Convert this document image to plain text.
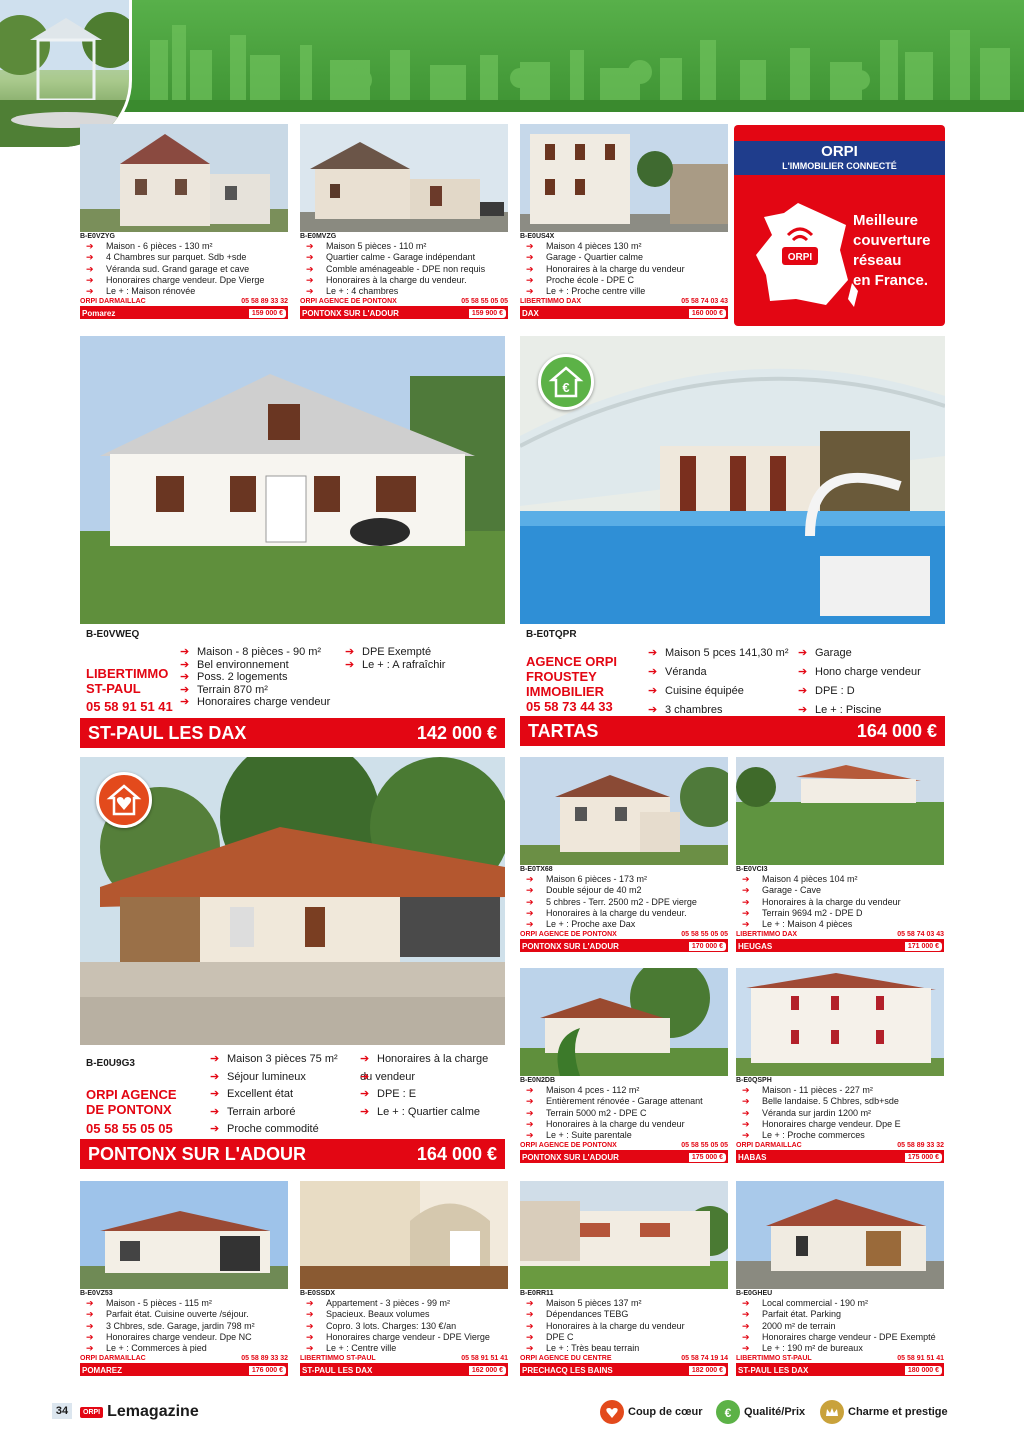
B-E0VZYG
➔ Maison - 6 pièces - 130 m²
➔ 4 Chambres sur parquet. Sdb +sde
➔ Véranda sud. Grand garage et cave
➔ Honoraires charge vendeur. Dpe Vierge
➔ Le + : Maison rénovée
ORPI DARMAILLAC	05 58 89 33 32
Pomarez	159 000 €
B-E0MVZG
➔ Maison 5 pièces - 110 m²
➔ Quartier calme - Garage indépendant
➔ Comble aménageable - DPE non requis
➔ Honoraires à la charge du vendeur.
➔ Le + : 4 chambres
ORPI AGENCE DE PONTONX	05 58 55 05 05
PONTONX SUR L'ADOUR	159 900 €
B-E0US4X
➔ Maison 4 pièces 130 m²
➔ Garage - Quartier calme
➔ Honoraires à la charge du vendeur
➔ Proche école - DPE C
➔ Le + : Proche centre ville
LIBERTIMMO DAX	05 58 74 03 43
DAX	160 000 €
ORPI
L'IMMOBILIER CONNECTÉ
ORPI
Meilleure
couverture
réseau
en France.
B-E0VWEQ
LIBERTIMMO
ST-PAUL
05 58 91 51 41
➔ Maison - 8 pièces - 90 m²
➔ Bel environnement
➔ Poss. 2 logements
➔ Terrain 870 m²
➔ Honoraires charge vendeur
➔ DPE Exempté
➔ Le + : A rafraîchir
ST-PAUL LES DAX	142 000 €
€
B-E0TQPR
AGENCE ORPI
FROUSTEY
IMMOBILIER
05 58 73 44 33
➔ Maison 5 pces 141,30 m²
➔ Véranda
➔ Cuisine équipée
➔ 3 chambres
➔ Garage
➔ Hono charge vendeur
➔ DPE : D
➔ Le + : Piscine
TARTAS	164 000 €
B-E0U9G3
ORPI AGENCE
DE PONTONX
05 58 55 05 05
➔ Maison 3 pièces 75 m²
➔ Séjour lumineux
➔ Excellent état
➔ Terrain arboré
➔ Proche commodité
➔ Honoraires à la charge
➔ du vendeur
➔ DPE : E
➔ Le + : Quartier calme
PONTONX SUR L'ADOUR	164 000 €
B-E0TX68
➔ Maison 6 pièces - 173 m²
➔ Double séjour de 40 m2
➔ 5 chbres - Terr. 2500 m2 - DPE vierge
➔ Honoraires à la charge du vendeur.
➔ Le + : Proche axe Dax
ORPI AGENCE DE PONTONX	05 58 55 05 05
PONTONX SUR L'ADOUR	170 000 €
B-E0VCI3
➔ Maison 4 pièces 104 m²
➔ Garage - Cave
➔ Honoraires à la charge du vendeur
➔ Terrain 9694 m2 - DPE D
➔ Le + : Maison 4 pièces
LIBERTIMMO DAX	05 58 74 03 43
HEUGAS	171 000 €
B-E0N2DB
➔ Maison 4 pces - 112 m²
➔ Entièrement rénovée - Garage attenant
➔ Terrain 5000 m2 - DPE C
➔ Honoraires à la charge du vendeur
➔ Le + : Suite parentale
ORPI AGENCE DE PONTONX	05 58 55 05 05
PONTONX SUR L'ADOUR	175 000 €
B-E0QSPH
➔ Maison - 11 pièces - 227 m²
➔ Belle landaise. 5 Chbres, sdb+sde
➔ Véranda sur jardin 1200 m²
➔ Honoraires charge vendeur. Dpe E
➔ Le + : Proche commerces
ORPI DARMAILLAC	05 58 89 33 32
HABAS	175 000 €
B-E0VZ53
➔ Maison - 5 pièces - 115 m²
➔ Parfait état. Cuisine ouverte /séjour.
➔ 3 Chbres, sde. Garage, jardin 798 m²
➔ Honoraires charge vendeur. Dpe NC
➔ Le + : Commerces à pied
ORPI DARMAILLAC	05 58 89 33 32
POMAREZ	176 000 €
B-E0SSDX
➔ Appartement - 3 pièces - 99 m²
➔ Spacieux. Beaux volumes
➔ Copro. 3 lots. Charges: 130 €/an
➔ Honoraires charge vendeur - DPE Vierge
➔ Le + : Centre ville
LIBERTIMMO ST-PAUL	05 58 91 51 41
ST-PAUL LES DAX	162 000 €
B-E0RR11
➔ Maison 5 pièces 137 m²
➔ Dépendances TEBG
➔ Honoraires à la charge du vendeur
➔ DPE C
➔ Le + : Très beau terrain
ORPI AGENCE DU CENTRE	05 58 74 19 14
PRECHACQ LES BAINS	182 000 €
B-E0GHEU
➔ Local commercial - 190 m²
➔ Parfait état. Parking
➔ 2000 m² de terrain
➔ Honoraires charge vendeur - DPE Exempté
➔ Le + : 190 m² de bureaux
LIBERTIMMO ST-PAUL	05 58 91 51 41
ST-PAUL LES DAX	180 000 €
34	ORPI Lemagazine	Coup de cœur € Qualité/Prix	Charme et prestige
